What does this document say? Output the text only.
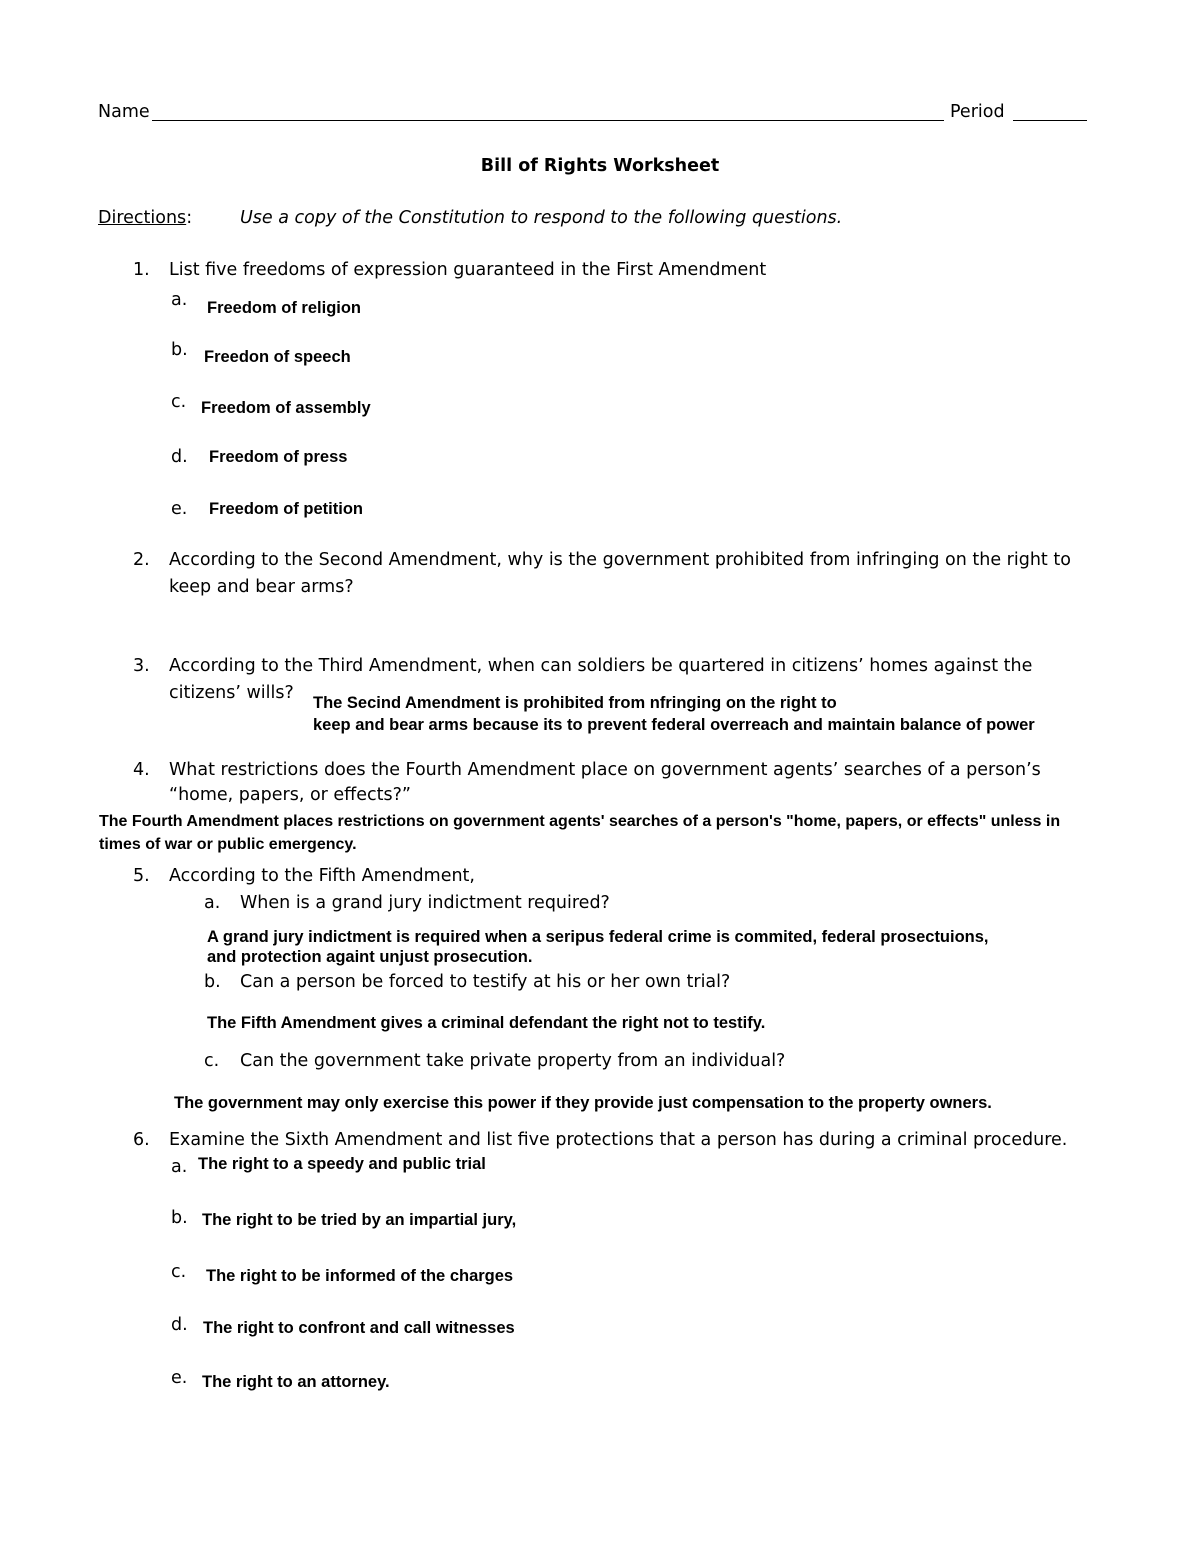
Name	Period
Bill of Rights Worksheet
Directions:	Use a copy of the Constitution to respond to the following questions.
1. List five freedoms of expression guaranteed in the First Amendment
a. Freedom of religion
b. Freedon of speech
c. Freedom of assembly
d. Freedom of press
e. Freedom of petition
2. According to the Second Amendment, why is the government prohibited from infringing on the right to
keep and bear arms?
3. According to the Third Amendment, when can soldiers be quartered in citizens’ homes against the
citizens’ wills? The Secind Amendment is prohibited from nfringing on the right to
keep and bear arms because its to prevent federal overreach and maintain balance of power
4. What restrictions does the Fourth Amendment place on government agents’ searches of a person’s
“home, papers, or effects?”
The Fourth Amendment places restrictions on government agents' searches of a person's "home, papers, or effects" unless in
times of war or public emergency.
5. According to the Fifth Amendment,
a. When is a grand jury indictment required?
A grand jury indictment is required when a seripus federal crime is commited, federal prosectuions,
and protection againt unjust prosecution.
b. Can a person be forced to testify at his or her own trial?
The Fifth Amendment gives a criminal defendant the right not to testify.
c. Can the government take private property from an individual?
The government may only exercise this power if they provide just compensation to the property owners.
6. Examine the Sixth Amendment and list five protections that a person has during a criminal procedure.
a. The right to a speedy and public trial
b. The right to be tried by an impartial jury,
c. The right to be informed of the charges
d. The right to confront and call witnesses
e. The right to an attorney.
